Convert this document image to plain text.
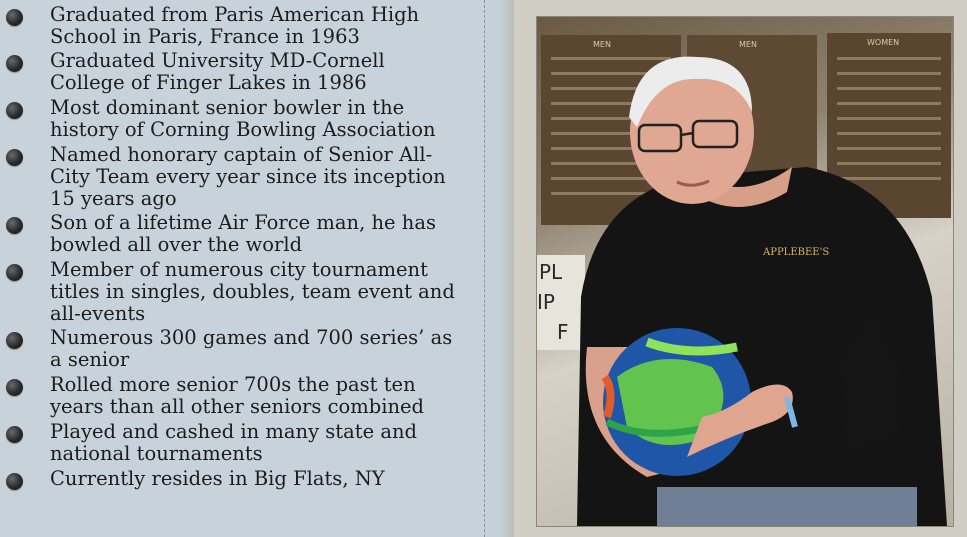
Graduated from Paris American High School in Paris, France in 1963
Graduated University MD-Cornell College of Finger Lakes in 1986
Most dominant senior bowler in the history of Corning Bowling Association
Named honorary captain of Senior All-City Team every year since its inception 15 years ago
Son of a lifetime Air Force man, he has bowled all over the world
Member of numerous city tournament titles in singles, doubles, team event and all-events
Numerous 300 games and 700 series’ as a senior
Rolled more senior 700s the past ten years than all other seniors combined
Played and cashed in many state and national tournaments
Currently resides in Big Flats, NY
MEN	MEN	WOMEN
PL
IP
F
APPLEBEE'S
